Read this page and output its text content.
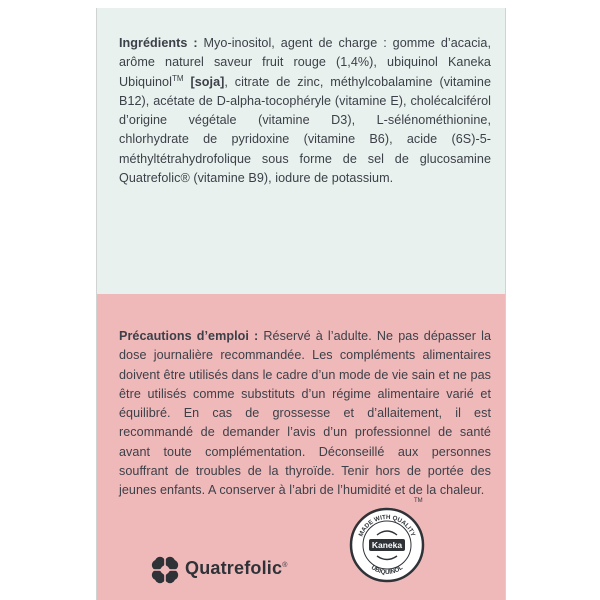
Ingrédients : Myo-inositol, agent de charge : gomme d’acacia, arôme naturel saveur fruit rouge (1,4%), ubiquinol Kaneka Ubiquinol™ [soja], citrate de zinc, méthylcobalamine (vitamine B12), acétate de D-alpha-tocophéryle (vitamine E), cholécalciférol d’origine végétale (vitamine D3), L-sélénométhionine, chlorhydrate de pyridoxine (vitamine B6), acide (6S)-5-méthyltétrahydrofolique sous forme de sel de glucosamine Quatrefolic® (vitamine B9), iodure de potassium.

Précautions d’emploi : Réservé à l’adulte. Ne pas dépasser la dose journalière recommandée. Les compléments alimentaires doivent être utilisés dans le cadre d’un mode de vie sain et ne pas être utilisés comme substituts d’un régime alimentaire varié et équilibré. En cas de grossesse et d’allaitement, il est recommandé de demander l’avis d’un professionnel de santé avant toute complémentation. Déconseillé aux personnes souffrant de troubles de la thyroïde. Tenir hors de portée des jeunes enfants. A conserver à l’abri de l’humidité et de la chaleur.

Quatrefolic®
MADE WITH QUALITY
UBIQUINOL
Kaneka
TM
